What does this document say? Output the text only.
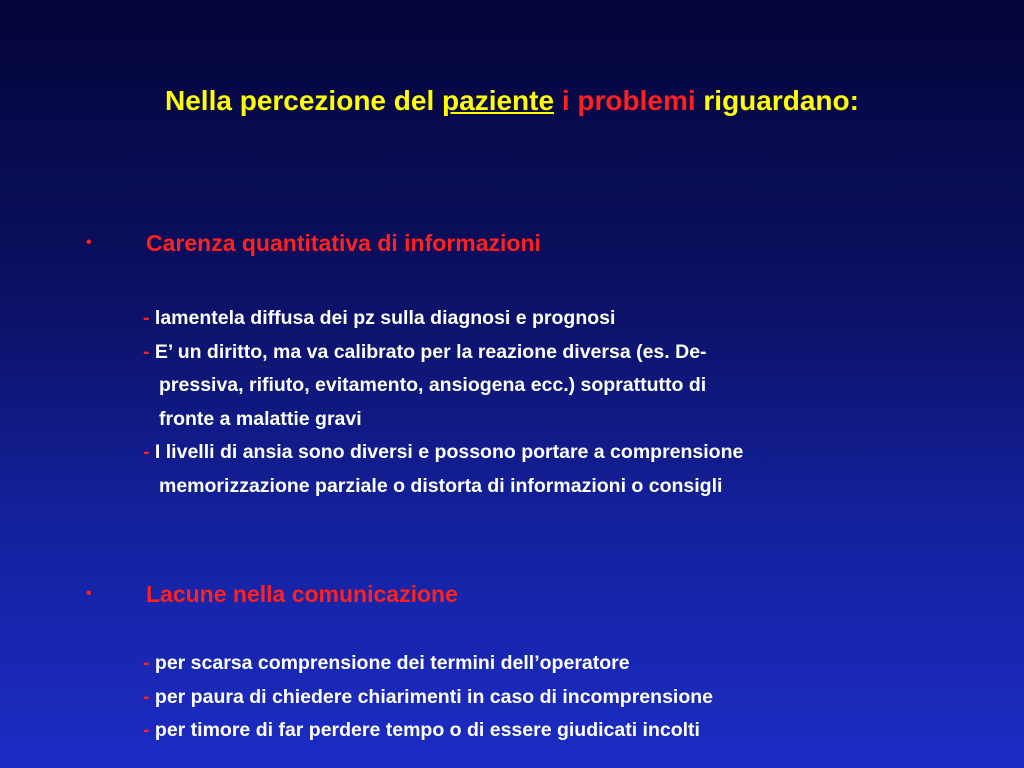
Nella percezione del paziente i problemi riguardano:
• Carenza quantitativa di informazioni
- lamentela diffusa dei pz sulla diagnosi e prognosi
- E’ un diritto, ma va calibrato per la reazione diversa (es. De-
pressiva, rifiuto, evitamento, ansiogena ecc.) soprattutto di
fronte a malattie gravi
- I livelli di ansia sono diversi e possono portare a comprensione
memorizzazione parziale o distorta di informazioni o consigli
• Lacune nella comunicazione
- per scarsa comprensione dei termini dell’operatore
- per paura di chiedere chiarimenti in caso di incomprensione
- per timore di far perdere tempo o di essere giudicati incolti
